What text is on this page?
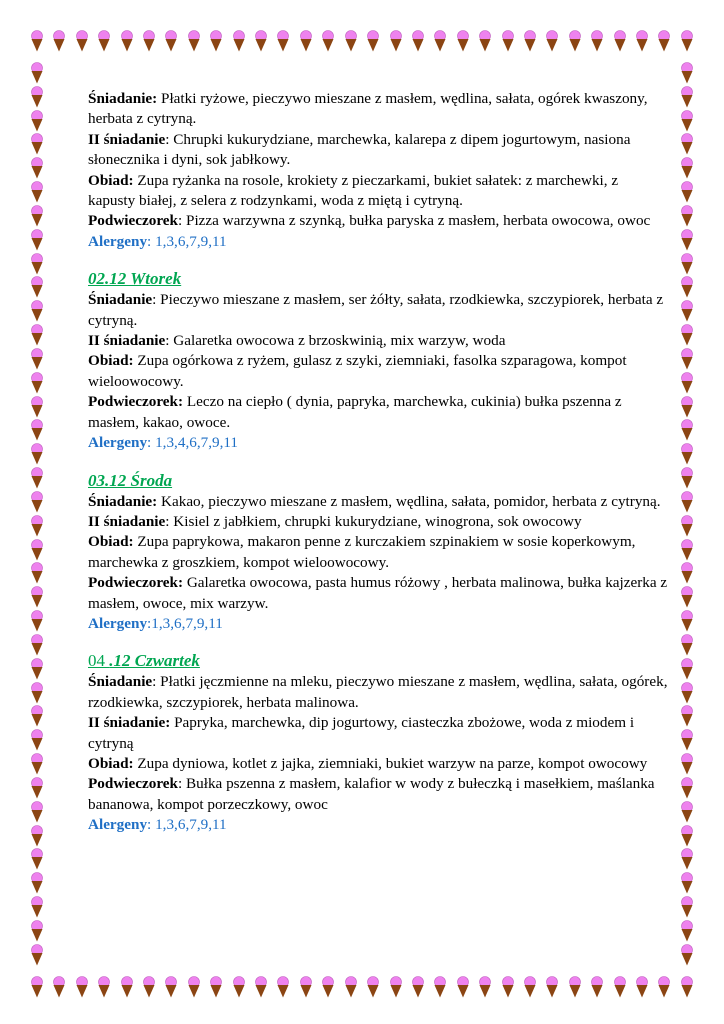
Śniadanie: Płatki ryżowe, pieczywo mieszane z masłem, wędlina, sałata, ogórek kwaszony, herbata z cytryną.

II śniadanie: Chrupki kukurydziane, marchewka, kalarepa z dipem jogurtowym, nasiona słonecznika i dyni, sok jabłkowy.

Obiad: Zupa ryżanka na rosole, krokiety z pieczarkami, bukiet sałatek: z marchewki, z kapusty białej, z selera z rodzynkami, woda z miętą i cytryną.

Podwieczorek: Pizza warzywna z szynką, bułka paryska z masłem, herbata owocowa, owoc

Alergeny: 1,3,6,7,9,11

02.12 Wtorek

Śniadanie: Pieczywo mieszane z masłem, ser żółty, sałata, rzodkiewka, szczypiorek, herbata z cytryną.

II śniadanie: Galaretka owocowa z brzoskwinią, mix warzyw, woda

Obiad: Zupa ogórkowa z ryżem, gulasz z szyki, ziemniaki, fasolka szparagowa, kompot wieloowocowy.

Podwieczorek: Leczo na ciepło ( dynia, papryka, marchewka, cukinia) bułka pszenna z masłem, kakao, owoce.

Alergeny: 1,3,4,6,7,9,11

03.12 Środa

Śniadanie: Kakao, pieczywo mieszane z masłem, wędlina, sałata, pomidor, herbata z cytryną.

II śniadanie: Kisiel z jabłkiem, chrupki kukurydziane, winogrona, sok owocowy

Obiad: Zupa paprykowa, makaron penne z kurczakiem szpinakiem w sosie koperkowym, marchewka z groszkiem, kompot wieloowocowy.

Podwieczorek: Galaretka owocowa, pasta humus różowy , herbata malinowa, bułka kajzerka z masłem, owoce, mix warzyw.

Alergeny:1,3,6,7,9,11

04 .12 Czwartek

Śniadanie: Płatki jęczmienne na mleku, pieczywo mieszane z masłem, wędlina, sałata, ogórek, rzodkiewka, szczypiorek, herbata malinowa.

II śniadanie: Papryka, marchewka, dip jogurtowy, ciasteczka zbożowe, woda z miodem i cytryną

Obiad: Zupa dyniowa, kotlet z jajka, ziemniaki, bukiet warzyw na parze, kompot owocowy

Podwieczorek: Bułka pszenna z masłem, kalafior w wody z bułeczką i masełkiem, maślanka bananowa, kompot porzeczkowy, owoc

Alergeny: 1,3,6,7,9,11
